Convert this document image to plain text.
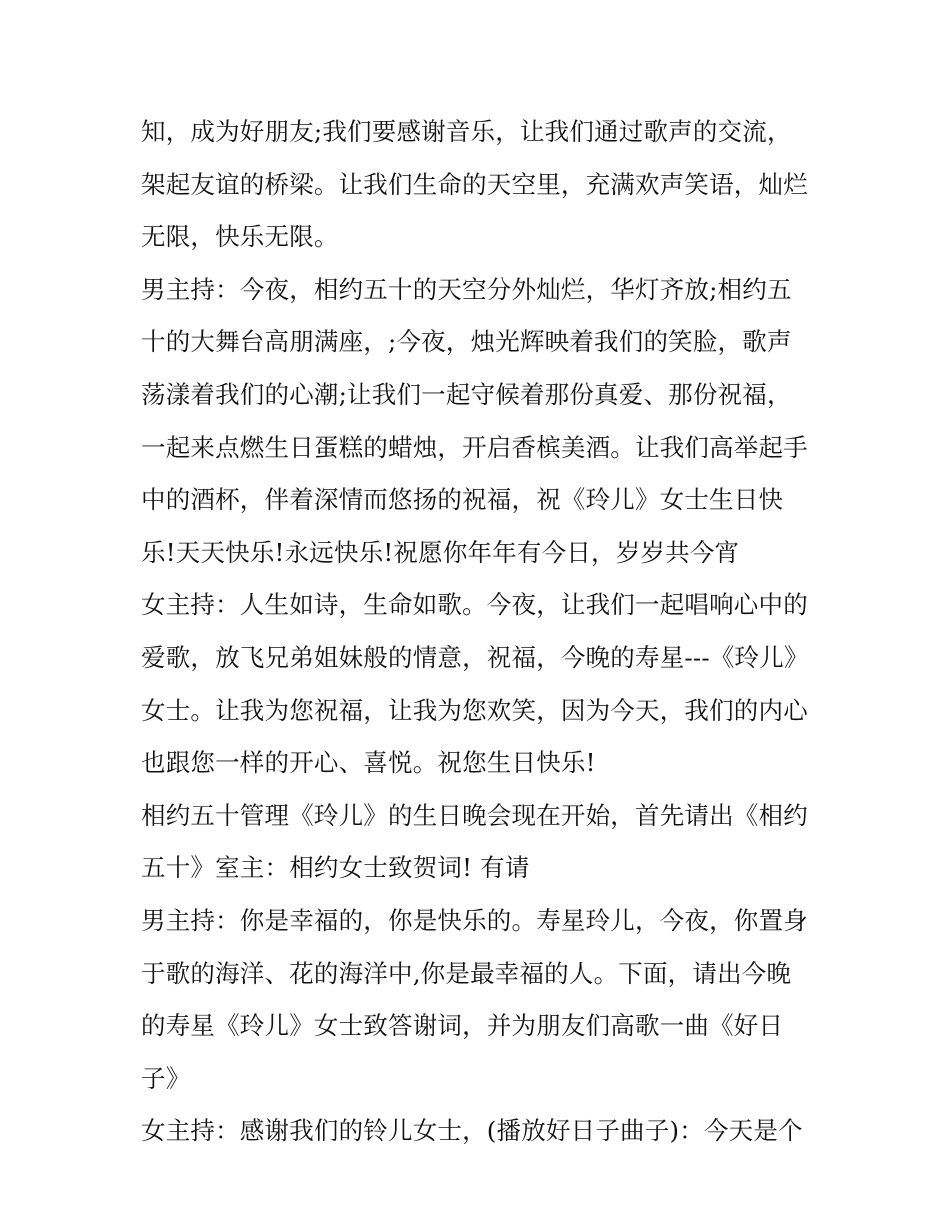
知，成为好朋友;我们要感谢音乐，让我们通过歌声的交流，
架起友谊的桥梁。让我们生命的天空里，充满欢声笑语，灿烂
无限，快乐无限。
男主持：今夜，相约五十的天空分外灿烂，华灯齐放;相约五
十的大舞台高朋满座，;今夜，烛光辉映着我们的笑脸，歌声
荡漾着我们的心潮;让我们一起守候着那份真爱、那份祝福，
一起来点燃生日蛋糕的蜡烛，开启香槟美酒。让我们高举起手
中的酒杯，伴着深情而悠扬的祝福，祝《玲儿》女士生日快
乐!天天快乐!永远快乐!祝愿你年年有今日，岁岁共今宵
女主持：人生如诗，生命如歌。今夜，让我们一起唱响心中的
爱歌，放飞兄弟姐妹般的情意，祝福，今晚的寿星---《玲儿》
女士。让我为您祝福，让我为您欢笑，因为今天，我们的内心
也跟您一样的开心、喜悦。祝您生日快乐!
相约五十管理《玲儿》的生日晚会现在开始，首先请出《相约
五十》室主：相约女士致贺词! 有请
男主持：你是幸福的，你是快乐的。寿星玲儿，今夜，你置身
于歌的海洋、花的海洋中,你是最幸福的人。下面，请出今晚
的寿星《玲儿》女士致答谢词，并为朋友们高歌一曲《好日
子》
女主持：感谢我们的铃儿女士，(播放好日子曲子)：今天是个
